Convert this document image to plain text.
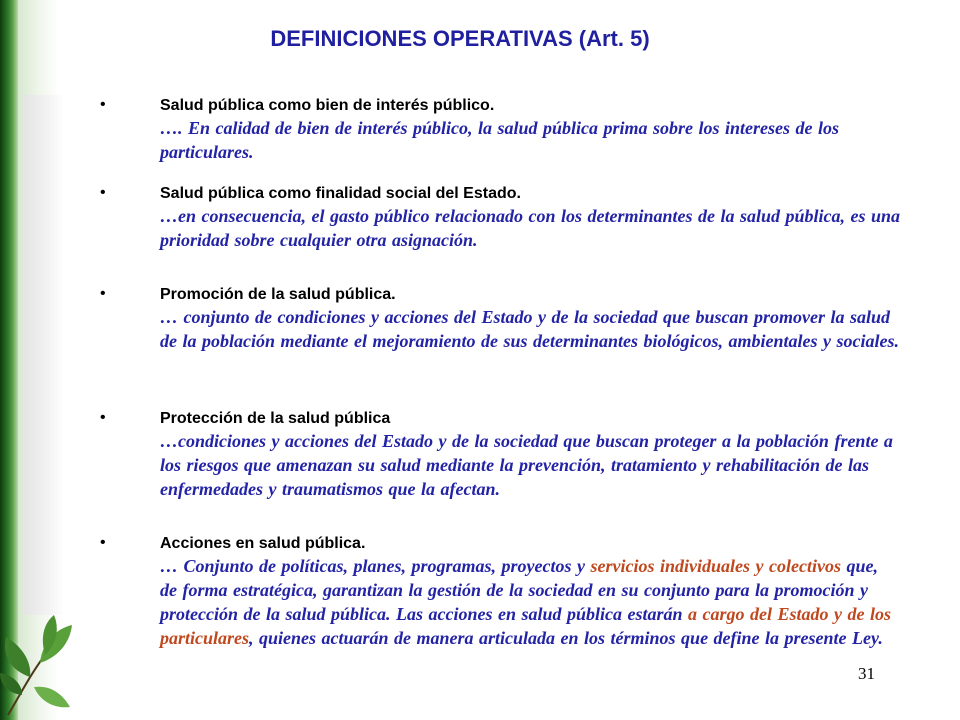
DEFINICIONES OPERATIVAS (Art. 5)
•	Salud pública como bien de interés público.
…. En calidad de bien de interés público, la salud pública prima sobre los intereses de los particulares.
•	Salud pública como finalidad social del Estado.
…en consecuencia, el gasto público relacionado con los determinantes de la salud pública, es una prioridad sobre cualquier otra asignación.
•	Promoción de la salud pública.
… conjunto de condiciones y acciones del Estado y de la sociedad que buscan promover la salud de la población mediante el mejoramiento de sus determinantes biológicos, ambientales y sociales.
•	Protección de la salud pública
…condiciones y acciones del Estado y de la sociedad que buscan proteger a la población frente a los riesgos que amenazan su salud mediante la prevención, tratamiento y rehabilitación de las enfermedades y traumatismos que la afectan.
•	Acciones en salud pública.
… Conjunto de políticas, planes, programas, proyectos y servicios individuales y colectivos que, de forma estratégica, garantizan la gestión de la sociedad en su conjunto para la promoción y protección de la salud pública. Las acciones en salud pública estarán a cargo del Estado y de los particulares, quienes actuarán de manera articulada en los términos que define la presente Ley.
31
